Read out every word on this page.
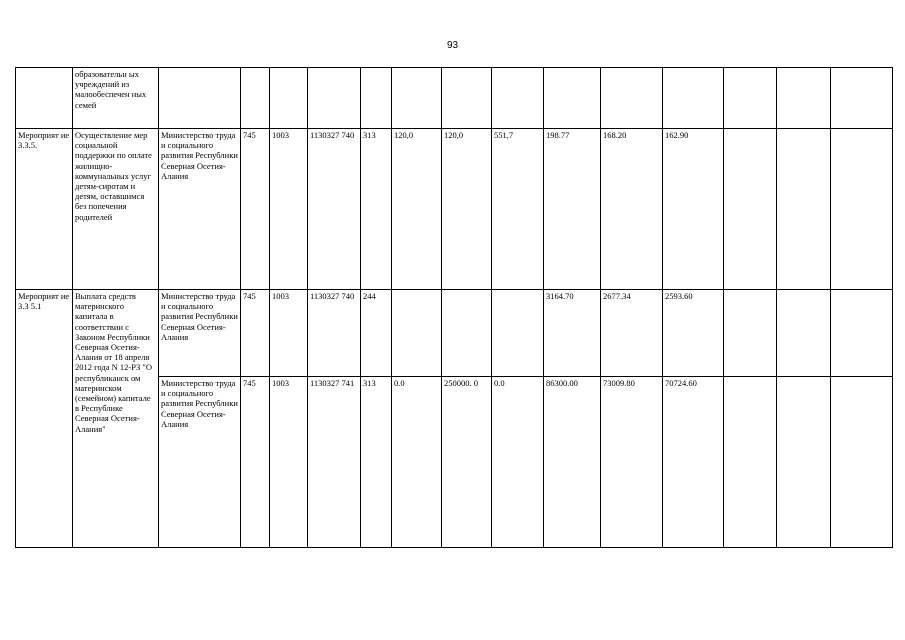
93
	образовательн ых учреждений из малообеспечен ных семей														
Мероприят ие 3.3.5.	Осуществление мер социальной поддержки по оплате жилищно-коммунальных услуг детям-сиротам и детям, оставшимся без попечения родителей	Министерство труда и социального развития Республики Северная Осетия-Алания	745	1003	1130327 740	313	120,0	120,0	551,7	198.77	168.20	162.90			
Мероприят ие 3.3 5.1	Выплата средств материнского капитала в соответствии с Законом Республики Северная Осетия-Алания от 18 апреля 2012 года N 12-РЗ "О республиканск ом материнском (семейном) капитале в Республике Северная Осетия-Алания"	Министерство труда и социального развития Республики Северная Осетия-Алания	745	1003	1130327 740	244				3164.70	2677.34	2593.60			
		Министерство труда и социального развития Республики Северная Осетия-Алания	745	1003	1130327 741	313	0.0	250000. 0	0.0	86300.00	73009.80	70724.60			
